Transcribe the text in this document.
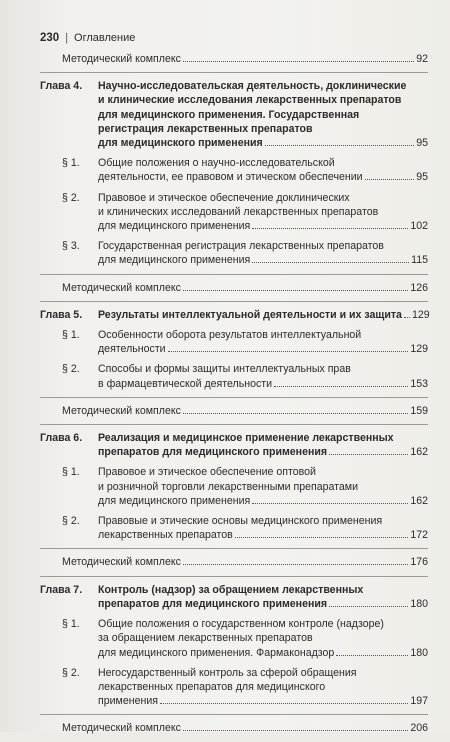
230 | Оглавление
Методический комплекс	92
Глава 4. Научно-исследовательская деятельность, доклинические
и клинические исследования лекарственных препаратов
для медицинского применения. Государственная
регистрация лекарственных препаратов
для медицинского применения	95
§ 1. Общие положения о научно-исследовательской
деятельности, ее правовом и этическом обеспечении	95
§ 2. Правовое и этическое обеспечение доклинических
и клинических исследований лекарственных препаратов
для медицинского применения	102
§ 3. Государственная регистрация лекарственных препаратов
для медицинского применения	115
Методический комплекс	126
Глава 5. Результаты интеллектуальной деятельности и их защита 129
§ 1. Особенности оборота результатов интеллектуальной
деятельности	129
§ 2. Способы и формы защиты интеллектуальных прав
в фармацевтической деятельности	153
Методический комплекс	159
Глава 6. Реализация и медицинское применение лекарственных
препаратов для медицинского применения	162
§ 1. Правовое и этическое обеспечение оптовой
и розничной торговли лекарственными препаратами
для медицинского применения	162
§ 2. Правовые и этические основы медицинского применения
лекарственных препаратов	172
Методический комплекс	176
Глава 7. Контроль (надзор) за обращением лекарственных
препаратов для медицинского применения	180
§ 1. Общие положения о государственном контроле (надзоре)
за обращением лекарственных препаратов
для медицинского применения. Фармаконадзор	180
§ 2. Негосударственный контроль за сферой обращения
лекарственных препаратов для медицинского
применения	197
Методический комплекс	206
